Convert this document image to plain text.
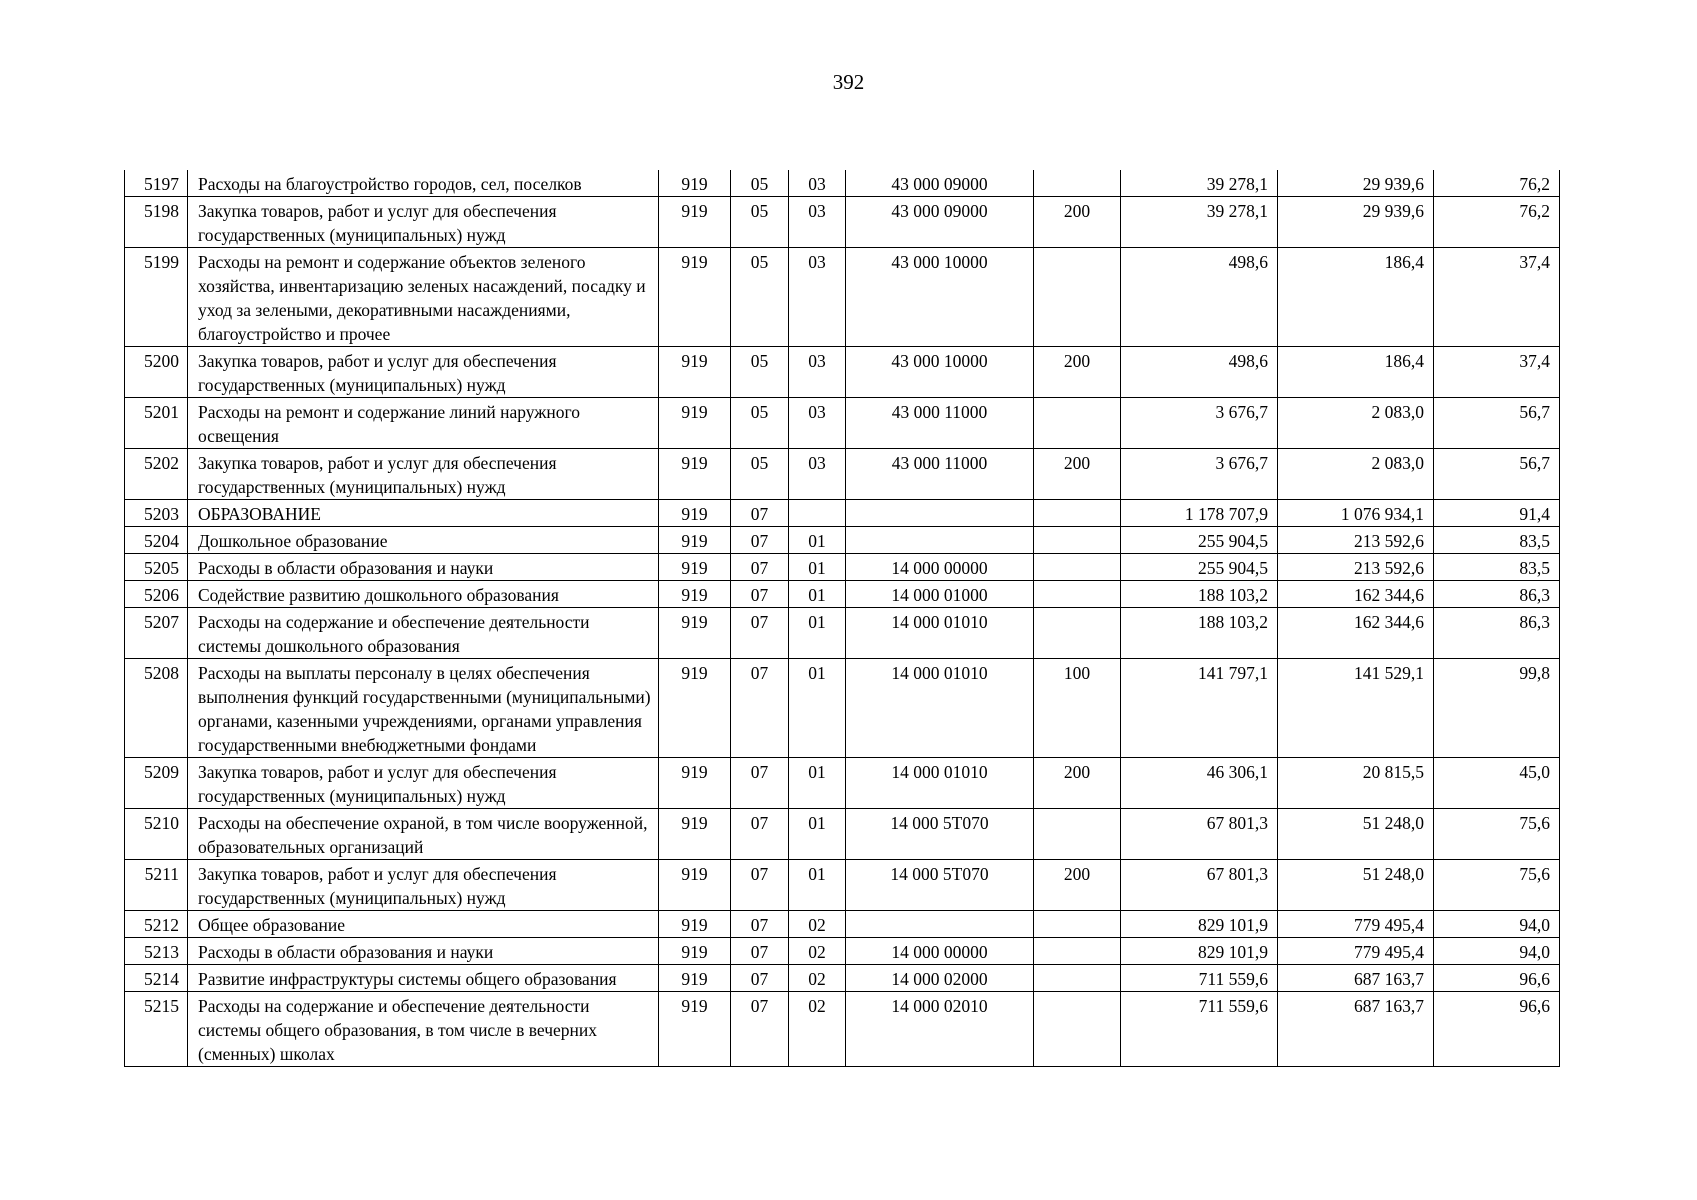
392
5197	Расходы на благоустройство городов, сел, поселков	919	05	03	43 000 09000		39 278,1	29 939,6	76,2
5198	Закупка товаров, работ и услуг для обеспечения государственных (муниципальных) нужд	919	05	03	43 000 09000	200	39 278,1	29 939,6	76,2
5199	Расходы на ремонт и содержание объектов зеленого хозяйства, инвентаризацию зеленых насаждений, посадку и уход за зелеными, декоративными насаждениями, благоустройство и прочее	919	05	03	43 000 10000		498,6	186,4	37,4
5200	Закупка товаров, работ и услуг для обеспечения государственных (муниципальных) нужд	919	05	03	43 000 10000	200	498,6	186,4	37,4
5201	Расходы на ремонт и содержание линий наружного освещения	919	05	03	43 000 11000		3 676,7	2 083,0	56,7
5202	Закупка товаров, работ и услуг для обеспечения государственных (муниципальных) нужд	919	05	03	43 000 11000	200	3 676,7	2 083,0	56,7
5203	ОБРАЗОВАНИЕ	919	07				1 178 707,9	1 076 934,1	91,4
5204	Дошкольное образование	919	07	01			255 904,5	213 592,6	83,5
5205	Расходы в области образования и науки	919	07	01	14 000 00000		255 904,5	213 592,6	83,5
5206	Содействие развитию дошкольного образования	919	07	01	14 000 01000		188 103,2	162 344,6	86,3
5207	Расходы на содержание и обеспечение деятельности системы дошкольного образования	919	07	01	14 000 01010		188 103,2	162 344,6	86,3
5208	Расходы на выплаты персоналу в целях обеспечения выполнения функций государственными (муниципальными) органами, казенными учреждениями, органами управления государственными внебюджетными фондами	919	07	01	14 000 01010	100	141 797,1	141 529,1	99,8
5209	Закупка товаров, работ и услуг для обеспечения государственных (муниципальных) нужд	919	07	01	14 000 01010	200	46 306,1	20 815,5	45,0
5210	Расходы на обеспечение охраной, в том числе вооруженной, образовательных организаций	919	07	01	14 000 5Т070		67 801,3	51 248,0	75,6
5211	Закупка товаров, работ и услуг для обеспечения государственных (муниципальных) нужд	919	07	01	14 000 5Т070	200	67 801,3	51 248,0	75,6
5212	Общее образование	919	07	02			829 101,9	779 495,4	94,0
5213	Расходы в области образования и науки	919	07	02	14 000 00000		829 101,9	779 495,4	94,0
5214	Развитие инфраструктуры системы общего образования	919	07	02	14 000 02000		711 559,6	687 163,7	96,6
5215	Расходы на содержание и обеспечение деятельности системы общего образования, в том числе в вечерних (сменных) школах	919	07	02	14 000 02010		711 559,6	687 163,7	96,6
